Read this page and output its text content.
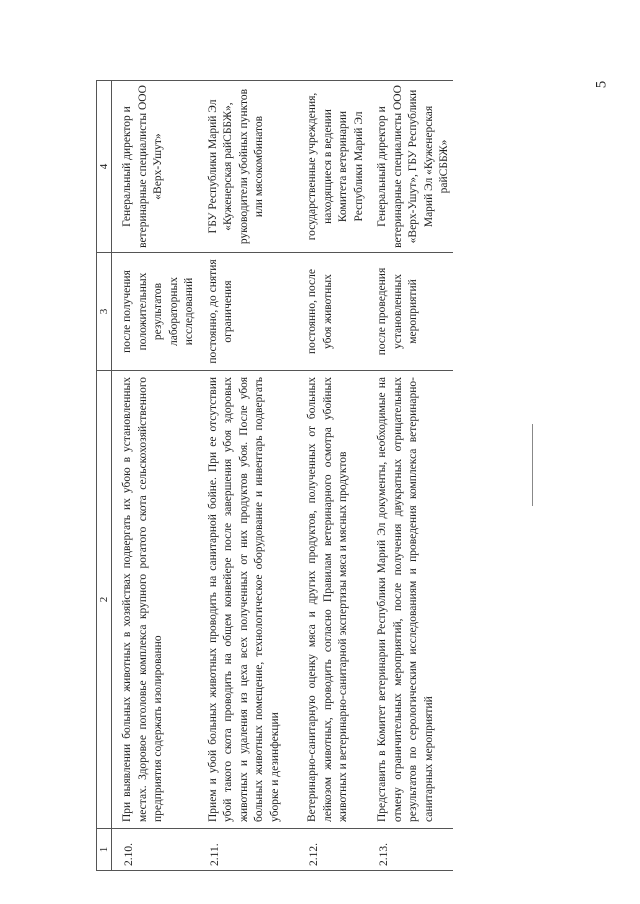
5
1	2	3	4
2.10.	При выявлении больных животных в хозяйствах подвергать их убою в установленных местах. Здоровое поголовье комплекса крупного рогатого скота сельскохозяйственного предприятия содержать изолированно	после получения положительных результатов лабораторных исследований	Генеральный директор и ветеринарные специалисты ООО «Верх-Ушут»
2.11.	Прием и убой больных животных проводить на санитарной бойне. При ее отсутствии убой такого скота проводить на общем конвейере после завершения убоя здоровых животных и удаления из цеха всех полученных от них продуктов убоя. После убоя больных животных помещение, технологическое оборудование и инвентарь подвергать уборке и дезинфекции	постоянно, до снятия ограничения	ГБУ Республики Марий Эл «Куженерская райСББЖ», руководители убойных пунктов или мясокомбинатов
2.12.	Ветеринарно-санитарную оценку мяса и других продуктов, полученных от больных лейкозом животных, проводить согласно Правилам ветеринарного осмотра убойных животных и ветеринарно-санитарной экспертизы мяса и мясных продуктов	постоянно, после убоя животных	государственные учреждения, находящиеся в ведении Комитета ветеринарии Республики Марий Эл
2.13.	Представить в Комитет ветеринарии Республики Марий Эл документы, необходимые на отмену ограничительных мероприятий, после получения двукратных отрицательных результатов по серологическим исследованиям и проведения комплекса ветеринарно-санитарных мероприятий	после проведения установленных мероприятий	Генеральный директор и ветеринарные специалисты ООО «Верх-Ушут», ГБУ Республики Марий Эл «Куженерская райСББЖ»
